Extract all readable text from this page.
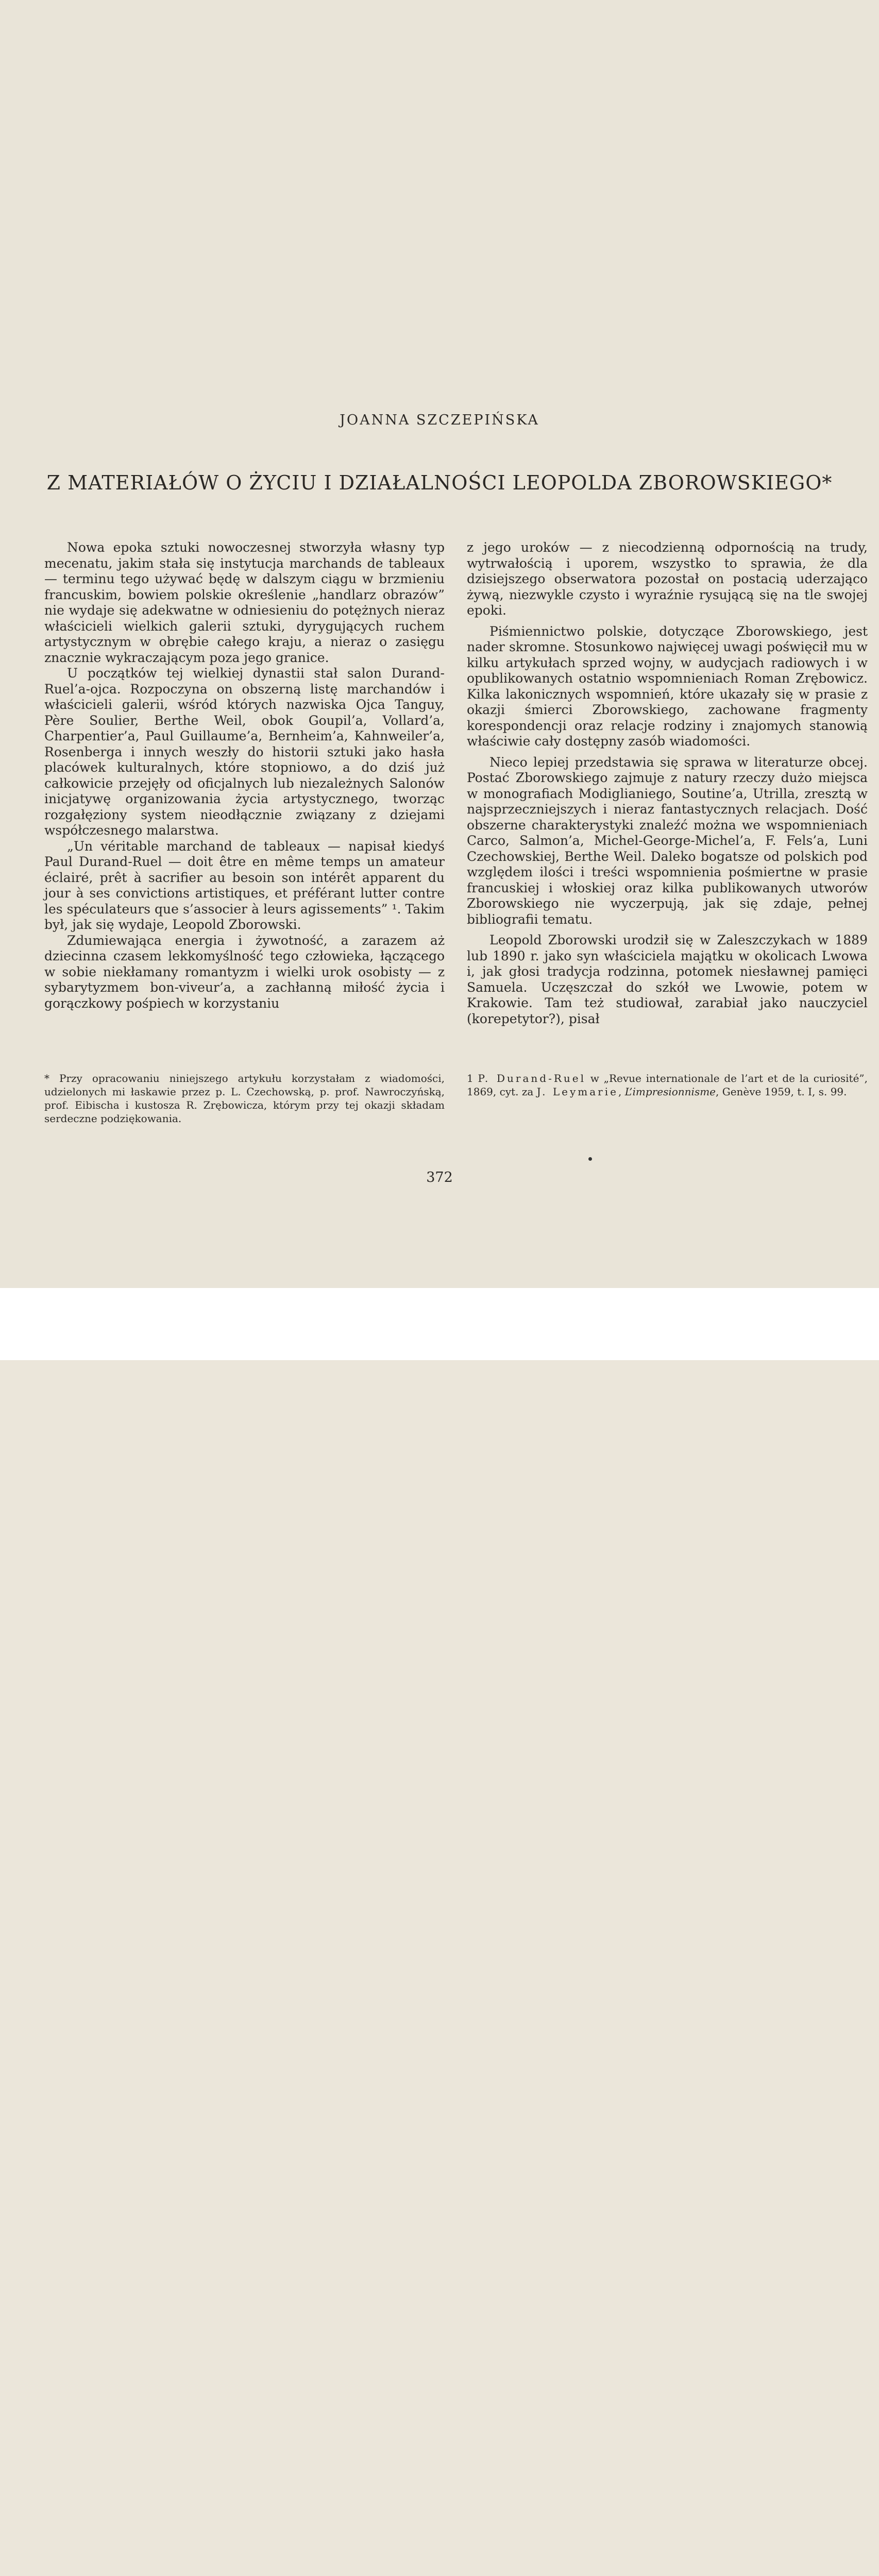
JOANNA SZCZEPIŃSKA
Z MATERIAŁÓW O ŻYCIU I DZIAŁALNOŚCI LEOPOLDA ZBOROWSKIEGO*

Nowa epoka sztuki nowoczesnej stworzyła własny typ mecenatu, jakim stała się instytucja marchands de tableaux — terminu tego używać będę w dalszym ciągu w brzmieniu francuskim, bowiem polskie określenie „handlarz obrazów” nie wydaje się adekwatne w odniesieniu do potężnych nieraz właścicieli wielkich galerii sztuki, dyrygujących ruchem artystycznym w obrębie całego kraju, a nieraz o zasięgu znacznie wykraczającym poza jego granice.

U początków tej wielkiej dynastii stał salon Durand-Ruel’a-ojca. Rozpoczyna on obszerną listę marchandów i właścicieli galerii, wśród których nazwiska Ojca Tanguy, Père Soulier, Berthe Weil, obok Goupil’a, Vollard’a, Charpentier’a, Paul Guillaume’a, Bernheim’a, Kahnweiler’a, Rosenberga i innych weszły do historii sztuki jako hasła placówek kulturalnych, które stopniowo, a do dziś już całkowicie przejęły od oficjalnych lub niezależnych Salonów inicjatywę organizowania życia artystycznego, tworząc rozgałęziony system nieodłącznie związany z dziejami współczesnego malarstwa.

„Un véritable marchand de tableaux — napisał kiedyś Paul Durand-Ruel — doit être en même temps un amateur éclairé, prêt à sacrifier au besoin son intérêt apparent du jour à ses convictions artistiques, et préférant lutter contre les spéculateurs que s’associer à leurs agissements” ¹. Takim był, jak się wydaje, Leopold Zborowski.

Zdumiewająca energia i żywotność, a zarazem aż dziecinna czasem lekkomyślność tego człowieka, łączącego w sobie niekłamany romantyzm i wielki urok osobisty — z sybarytyzmem bon-viveur’a, a zachłanną miłość życia i gorączkowy pośpiech w korzystaniu

z jego uroków — z niecodzienną odpornością na trudy, wytrwałością i uporem, wszystko to sprawia, że dla dzisiejszego obserwatora pozostał on postacią uderzająco żywą, niezwykle czysto i wyraźnie rysującą się na tle swojej epoki.

Piśmiennictwo polskie, dotyczące Zborowskiego, jest nader skromne. Stosunkowo najwięcej uwagi poświęcił mu w kilku artykułach sprzed wojny, w audycjach radiowych i w opublikowanych ostatnio wspomnieniach Roman Zrębowicz. Kilka lakonicznych wspomnień, które ukazały się w prasie z okazji śmierci Zborowskiego, zachowane fragmenty korespondencji oraz relacje rodziny i znajomych stanowią właściwie cały dostępny zasób wiadomości.

Nieco lepiej przedstawia się sprawa w literaturze obcej. Postać Zborowskiego zajmuje z natury rzeczy dużo miejsca w monografiach Modiglianiego, Soutine’a, Utrilla, zresztą w najsprzeczniejszych i nieraz fantastycznych relacjach. Dość obszerne charakterystyki znaleźć można we wspomnieniach Carco, Salmon’a, Michel-George-Michel’a, F. Fels’a, Luni Czechowskiej, Berthe Weil. Daleko bogatsze od polskich pod względem ilości i treści wspomnienia pośmiertne w prasie francuskiej i włoskiej oraz kilka publikowanych utworów Zborowskiego nie wyczerpują, jak się zdaje, pełnej bibliografii tematu.

Leopold Zborowski urodził się w Zaleszczykach w 1889 lub 1890 r. jako syn właściciela majątku w okolicach Lwowa i, jak głosi tradycja rodzinna, potomek niesławnej pamięci Samuela. Uczęszczał do szkół we Lwowie, potem w Krakowie. Tam też studiował, zarabiał jako nauczyciel (korepetytor?), pisał

* Przy opracowaniu niniejszego artykułu korzystałam z wiadomości, udzielonych mi łaskawie przez p. L. Czechowską, p. prof. Nawroczyńską, prof. Eibischa i kustosza R. Zrębowicza, którym przy tej okazji składam serdeczne podziękowania.
1 P. Durand-Ruel w „Revue internationale de l’art et de la curiosité”, 1869, cyt. za J. Leymarie, L’impresionnisme, Genève 1959, t. I, s. 99.
372
